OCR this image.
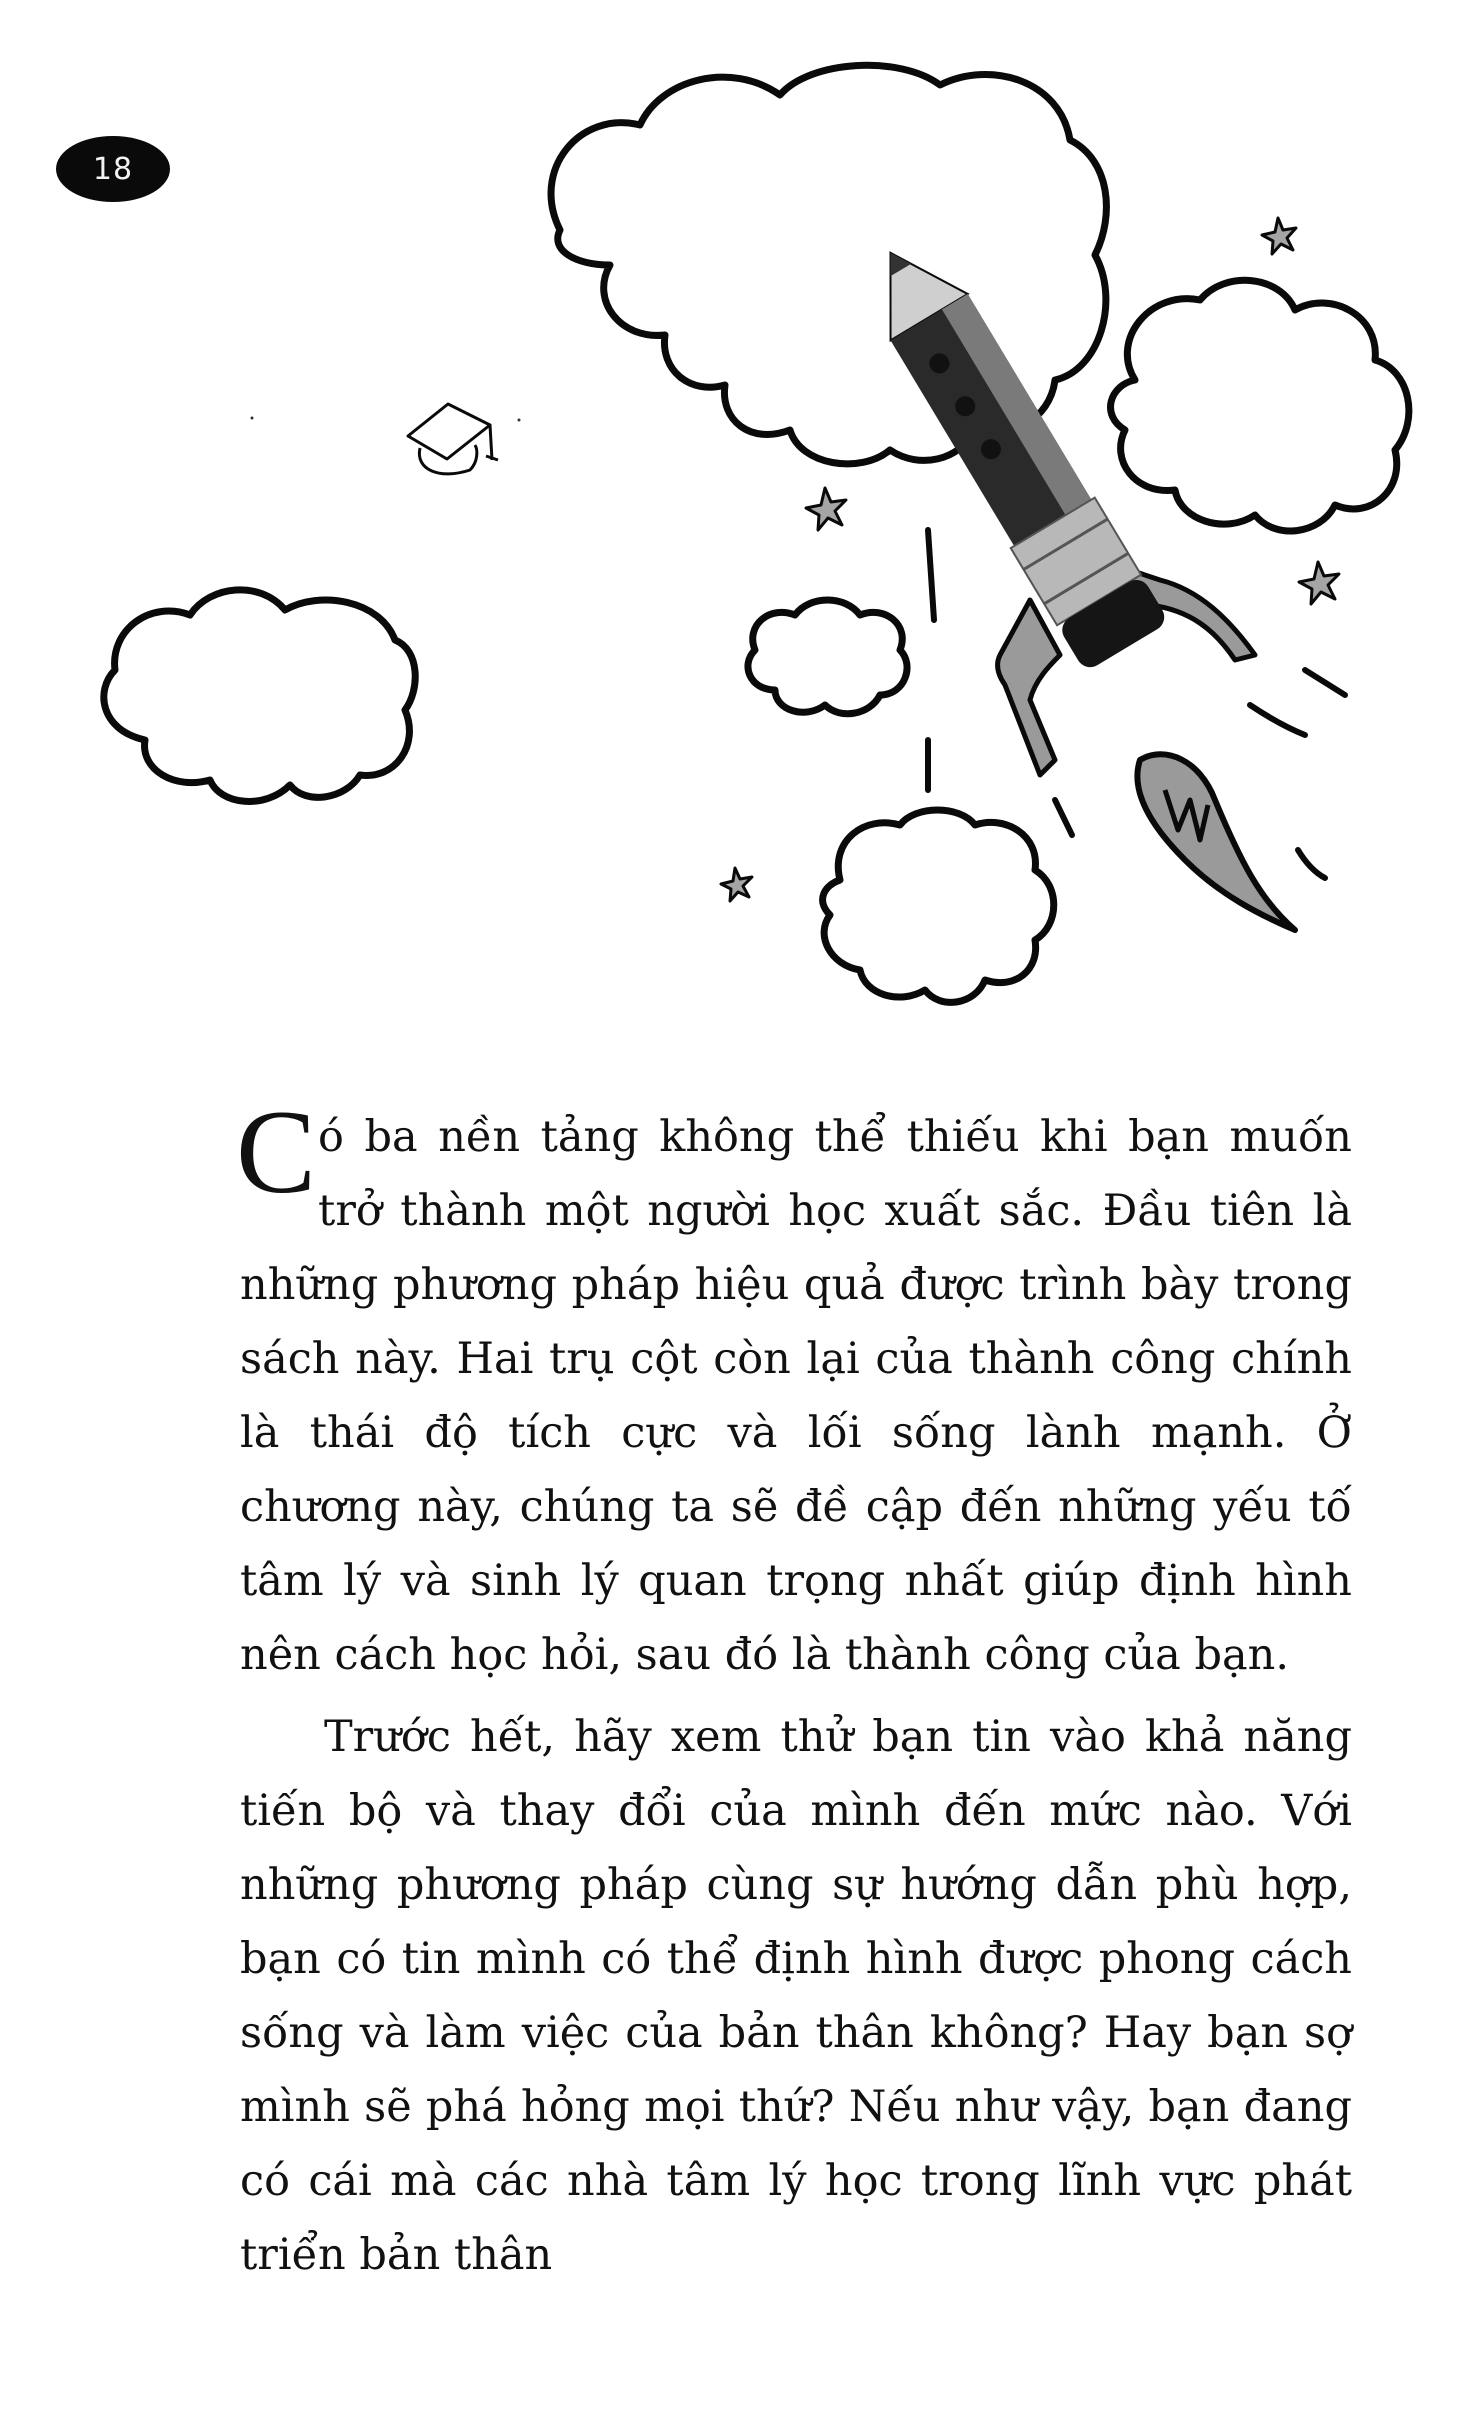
18

Có ba nền tảng không thể thiếu khi bạn muốn trở thành một người học xuất sắc. Đầu tiên là những phương pháp hiệu quả được trình bày trong sách này. Hai trụ cột còn lại của thành công chính là thái độ tích cực và lối sống lành mạnh. Ở chương này, chúng ta sẽ đề cập đến những yếu tố tâm lý và sinh lý quan trọng nhất giúp định hình nên cách học hỏi, sau đó là thành công của bạn.

Trước hết, hãy xem thử bạn tin vào khả năng tiến bộ và thay đổi của mình đến mức nào. Với những phương pháp cùng sự hướng dẫn phù hợp, bạn có tin mình có thể định hình được phong cách sống và làm việc của bản thân không? Hay bạn sợ mình sẽ phá hỏng mọi thứ? Nếu như vậy, bạn đang có cái mà các nhà tâm lý học trong lĩnh vực phát triển bản thân
